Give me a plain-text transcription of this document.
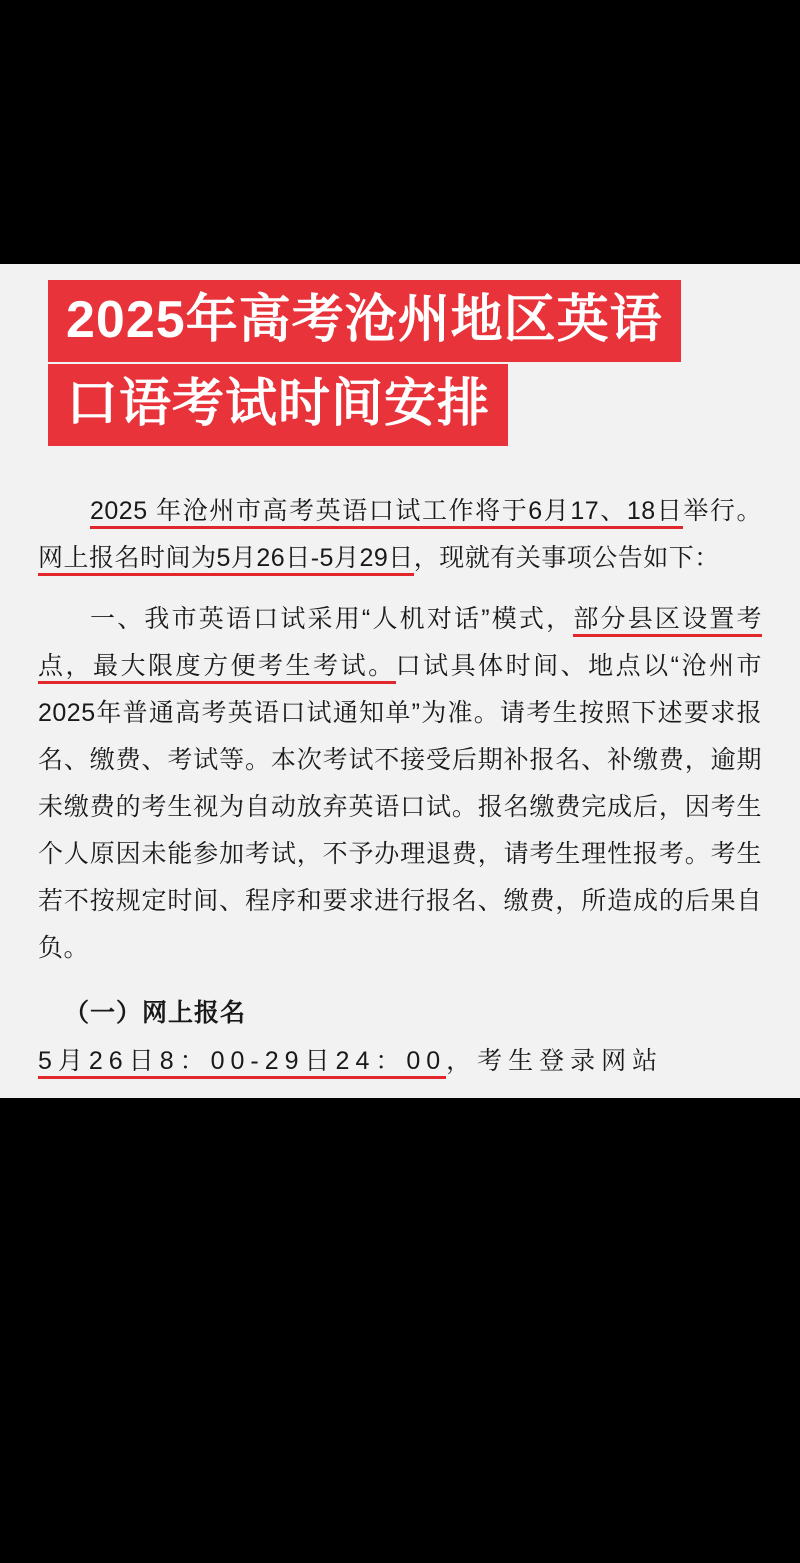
2025年高考沧州地区英语
口语考试时间安排

2025 年沧州市高考英语口试工作将于6月17、18日举行。网上报名时间为5月26日-5月29日，现就有关事项公告如下：

一、我市英语口试采用“人机对话”模式，部分县区设置考点，最大限度方便考生考试。口试具体时间、地点以“沧州市2025年普通高考英语口试通知单”为准。请考生按照下述要求报名、缴费、考试等。本次考试不接受后期补报名、补缴费，逾期未缴费的考生视为自动放弃英语口试。报名缴费完成后，因考生个人原因未能参加考试，不予办理退费，请考生理性报考。考生若不按规定时间、程序和要求进行报名、缴费，所造成的后果自负。

（一）网上报名

5月26日8：00-29日24：00，考生登录网站
